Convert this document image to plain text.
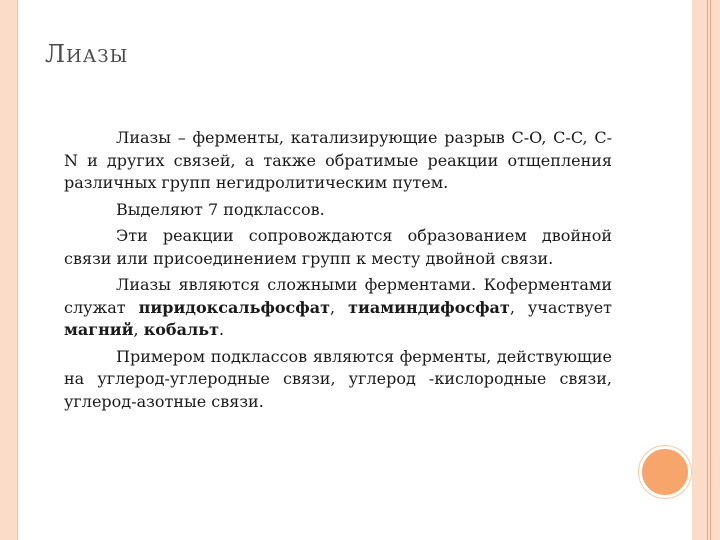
ЛИАЗЫ

Лиазы – ферменты, катализирующие разрыв C-O, C-C, C-N и других связей, а также обратимые реакции отщепления различных групп негидролитическим путем.

Выделяют 7 подклассов.

Эти реакции сопровождаются образованием двойной связи или присоединением групп к месту двойной связи.

Лиазы являются сложными ферментами. Коферментами служат пиридоксальфосфат, тиаминдифосфат, участвует магний, кобальт.

Примером подклассов являются ферменты, действующие на углерод-углеродные связи, углерод -кислородные связи, углерод-азотные связи.
